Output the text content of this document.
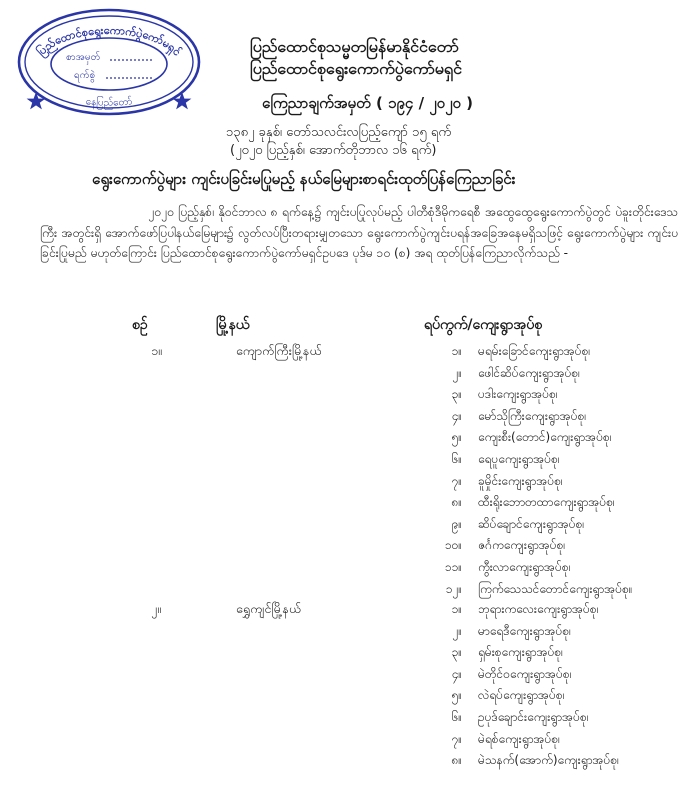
ပြည်ထောင်စုရွေးကောက်ပွဲကော်မရှင်
နေပြည်တော်
စာအမှတ်
ရက်စွဲ
ပြည်ထောင်စုသမ္မတမြန်မာနိုင်ငံတော်
ပြည်ထောင်စုရွေးကောက်ပွဲကော်မရှင်
ကြေညာချက်အမှတ် ( ၁၉၄ / ၂၀၂၀ )
၁၃၈၂ ခုနှစ်၊ တော်သလင်းလပြည့်ကျော် ၁၅ ရက်
(၂၀၂၀ ပြည့်နှစ်၊ အောက်တိုဘာလ ၁၆ ရက်)
ရွေးကောက်ပွဲများ ကျင်းပခြင်းမပြုမည့် နယ်မြေများစာရင်းထုတ်ပြန်ကြေညာခြင်း
၂၀၂၀ ပြည့်နှစ်၊ နိုဝင်ဘာလ ၈ ရက်နေ့၌ ကျင်းပပြုလုပ်မည့် ပါတီစုံဒီမိုကရေစီ အထွေထွေရွေးကောက်ပွဲတွင် ပဲခူးတိုင်းဒေသကြီး အတွင်းရှိ အောက်ဖော်ပြပါနယ်မြေများ၌ လွတ်လပ်ပြီးတရားမျှတသော ရွေးကောက်ပွဲကျင်းပရန်အခြေအနေမရှိသဖြင့် ရွေးကောက်ပွဲများ ကျင်းပခြင်းပြုမည် မဟုတ်ကြောင်း ပြည်ထောင်စုရွေးကောက်ပွဲကော်မရှင်ဥပဒေ ပုဒ်မ ၁၀ (စ) အရ ထုတ်ပြန်ကြေညာလိုက်သည် -
စဉ်	မြို့နယ်	ရပ်ကွက်/ကျေးရွာအုပ်စု
၁။	ကျောက်ကြီးမြို့နယ်	၁။ မရမ်းခြောင်ကျေးရွာအုပ်စု၊
၂။ ဖေါင်ဆိပ်ကျေးရွာအုပ်စု၊
၃။ ပဒါးကျေးရွာအုပ်စု၊
၄။ မော်သိုကြီးကျေးရွာအုပ်စု၊
၅။ ကျေးစီး(တောင်)ကျေးရွာအုပ်စု၊
၆။ ရေပူကျေးရွာအုပ်စု၊
၇။ ခူမှိုင်းကျေးရွာအုပ်စု၊
၈။ ထီးရိုးဘောတထာကျေးရွာအုပ်စု၊
၉။ ဆိပ်ချောင်ကျေးရွာအုပ်စု၊
၁၀။ ဇင်္ဂကကျေးရွာအုပ်စု၊
၁၁။ ကွီးလာကျေးရွာအုပ်စု၊
၁၂။ ကြက်သေသင်တောင်ကျေးရွာအုပ်စု။
၂။	ရွှေကျင်မြို့နယ်	၁။ ဘုရားကလေးကျေးရွာအုပ်စု၊
၂။ မာရေဒီကျေးရွာအုပ်စု၊
၃။ ရှမ်းစုကျေးရွာအုပ်စု၊
၄။ မဲတိုင်ဝကျေးရွာအုပ်စု၊
၅။ လဲရပ်ကျေးရွာအုပ်စု၊
၆။ ဥပုဒ်ချောင်းကျေးရွာအုပ်စု၊
၇။ မဲရစ်ကျေးရွာအုပ်စု၊
၈။ မဲသနက်(အောက်)ကျေးရွာအုပ်စု၊
